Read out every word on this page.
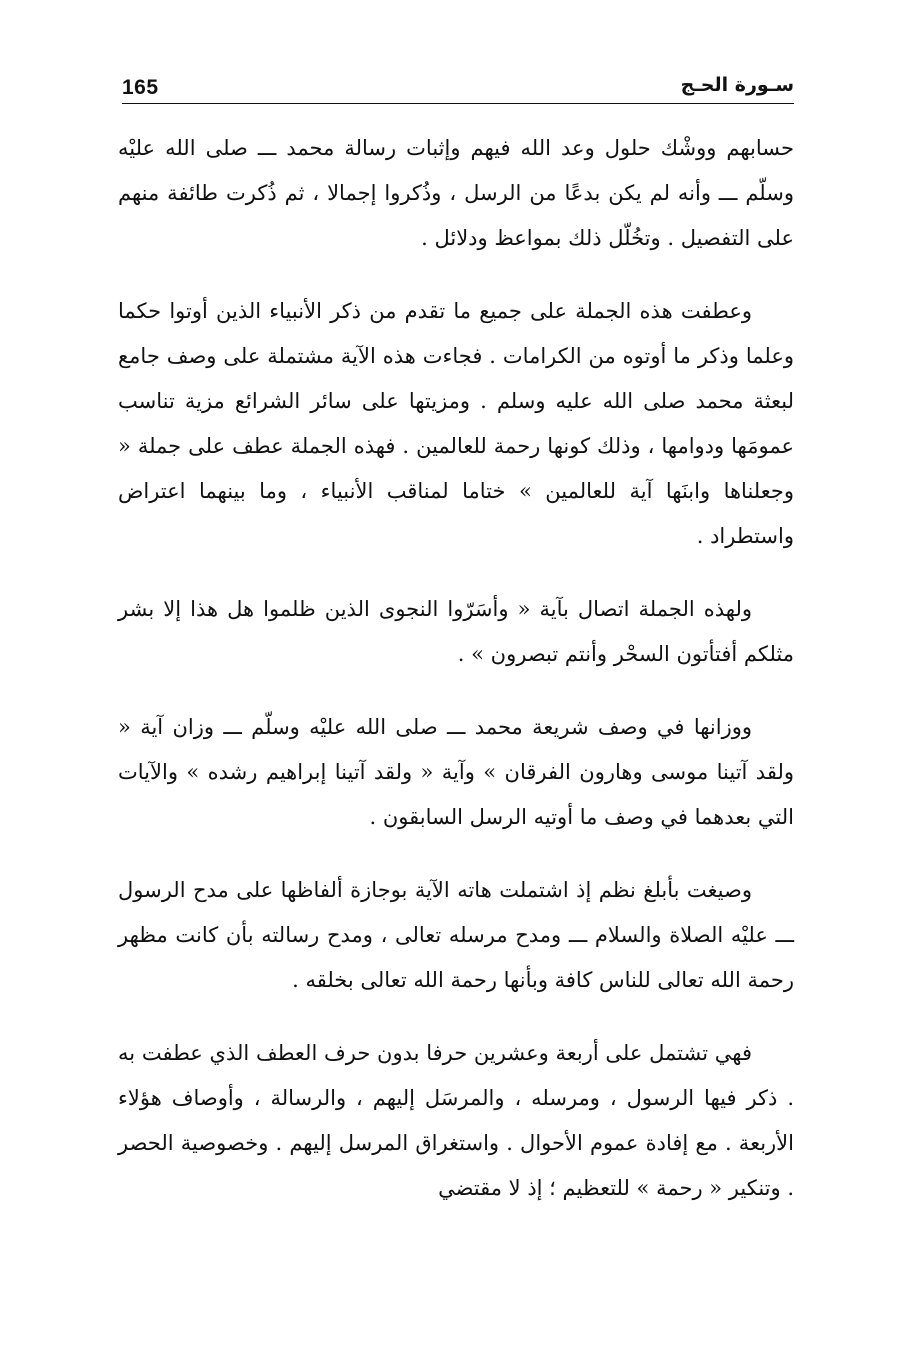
165	سـورة الحـج

حسابهم ووشْك حلول وعد الله فيهم وإثبات رسالة محمد ـــ صلى الله عليْه وسلّم ـــ وأنه لم يكن بدعًا من الرسل ، وذُكروا إجمالا ، ثم ذُكرت طائفة منهم على التفصيل . وتخُلّل ذلك بمواعظ ودلائل .

وعطفت هذه الجملة على جميع ما تقدم من ذكر الأنبياء الذين أوتوا حكما وعلما وذكر ما أوتوه من الكرامات . فجاءت هذه الآية مشتملة على وصف جامع لبعثة محمد صلى الله عليه وسلم . ومزيتها على سائر الشرائع مزية تناسب عمومَها ودوامها ، وذلك كونها رحمة للعالمين . فهذه الجملة عطف على جملة « وجعلناها وابنَها آية للعالمين » ختاما لمناقب الأنبياء ، وما بينهما اعتراض واستطراد .

ولهذه الجملة اتصال بآية « وأسَرّوا النجوى الذين ظلموا هل هذا إلا بشر مثلكم أفتأتون السحْر وأنتم تبصرون » .

ووزانها في وصف شريعة محمد ـــ صلى الله عليْه وسلّم ـــ وزان آية « ولقد آتينا موسى وهارون الفرقان » وآية « ولقد آتينا إبراهيم رشده » والآيات التي بعدهما في وصف ما أوتيه الرسل السابقون .

وصيغت بأبلغ نظم إذ اشتملت هاته الآية بوجازة ألفاظها على مدح الرسول ـــ عليْه الصلاة والسلام ـــ ومدح مرسله تعالى ، ومدح رسالته بأن كانت مظهر رحمة الله تعالى للناس كافة وبأنها رحمة الله تعالى بخلقه .

فهي تشتمل على أربعة وعشرين حرفا بدون حرف العطف الذي عطفت به . ذكر فيها الرسول ، ومرسله ، والمرسَل إليهم ، والرسالة ، وأوصاف هؤلاء الأربعة . مع إفادة عموم الأحوال . واستغراق المرسل إليهم . وخصوصية الحصر . وتنكير « رحمة » للتعظيم ؛ إذ لا مقتضي
